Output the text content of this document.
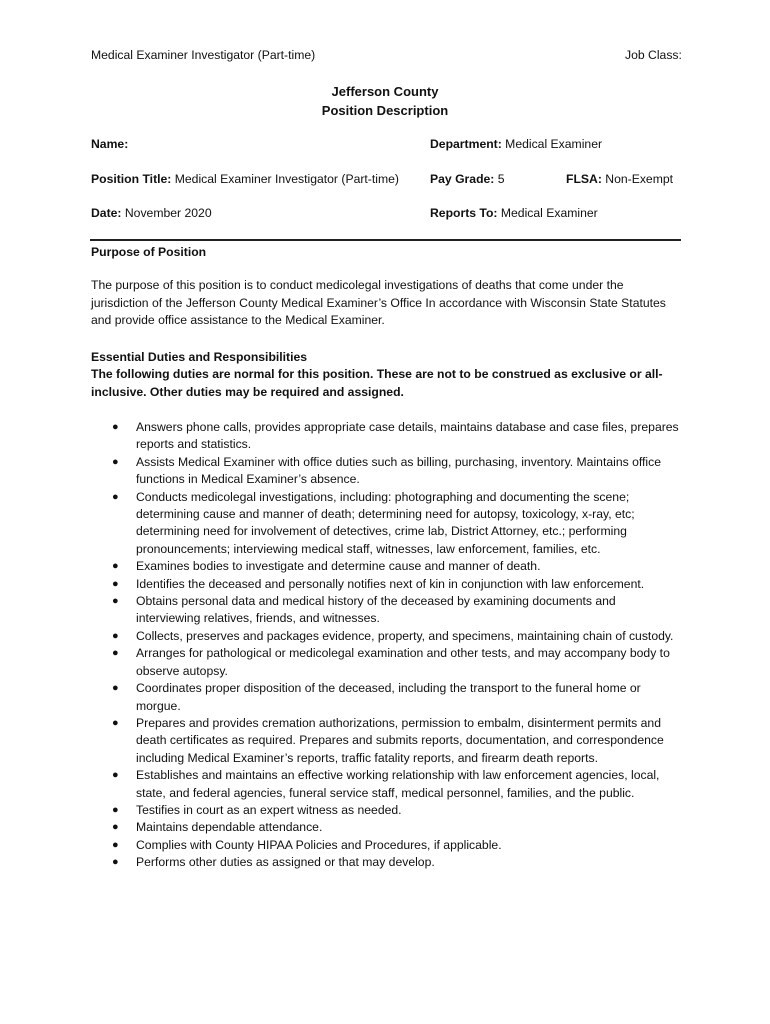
Medical Examiner Investigator (Part-time)	Job Class:
Jefferson County
Position Description
Name:	Department: Medical Examiner
Position Title: Medical Examiner Investigator (Part-time)	Pay Grade: 5	FLSA: Non-Exempt
Date: November 2020	Reports To: Medical Examiner
Purpose of Position
The purpose of this position is to conduct medicolegal investigations of deaths that come under the jurisdiction of the Jefferson County Medical Examiner’s Office In accordance with Wisconsin State Statutes and provide office assistance to the Medical Examiner.
Essential Duties and Responsibilities
The following duties are normal for this position. These are not to be construed as exclusive or all-inclusive. Other duties may be required and assigned.
● Answers phone calls, provides appropriate case details, maintains database and case files, prepares reports and statistics.
● Assists Medical Examiner with office duties such as billing, purchasing, inventory. Maintains office functions in Medical Examiner’s absence.
● Conducts medicolegal investigations, including: photographing and documenting the scene; determining cause and manner of death; determining need for autopsy, toxicology, x-ray, etc; determining need for involvement of detectives, crime lab, District Attorney, etc.; performing pronouncements; interviewing medical staff, witnesses, law enforcement, families, etc.
● Examines bodies to investigate and determine cause and manner of death.
● Identifies the deceased and personally notifies next of kin in conjunction with law enforcement.
● Obtains personal data and medical history of the deceased by examining documents and interviewing relatives, friends, and witnesses.
● Collects, preserves and packages evidence, property, and specimens, maintaining chain of custody.
● Arranges for pathological or medicolegal examination and other tests, and may accompany body to observe autopsy.
● Coordinates proper disposition of the deceased, including the transport to the funeral home or morgue.
● Prepares and provides cremation authorizations, permission to embalm, disinterment permits and death certificates as required. Prepares and submits reports, documentation, and correspondence including Medical Examiner’s reports, traffic fatality reports, and firearm death reports.
● Establishes and maintains an effective working relationship with law enforcement agencies, local, state, and federal agencies, funeral service staff, medical personnel, families, and the public.
● Testifies in court as an expert witness as needed.
● Maintains dependable attendance.
● Complies with County HIPAA Policies and Procedures, if applicable.
● Performs other duties as assigned or that may develop.
